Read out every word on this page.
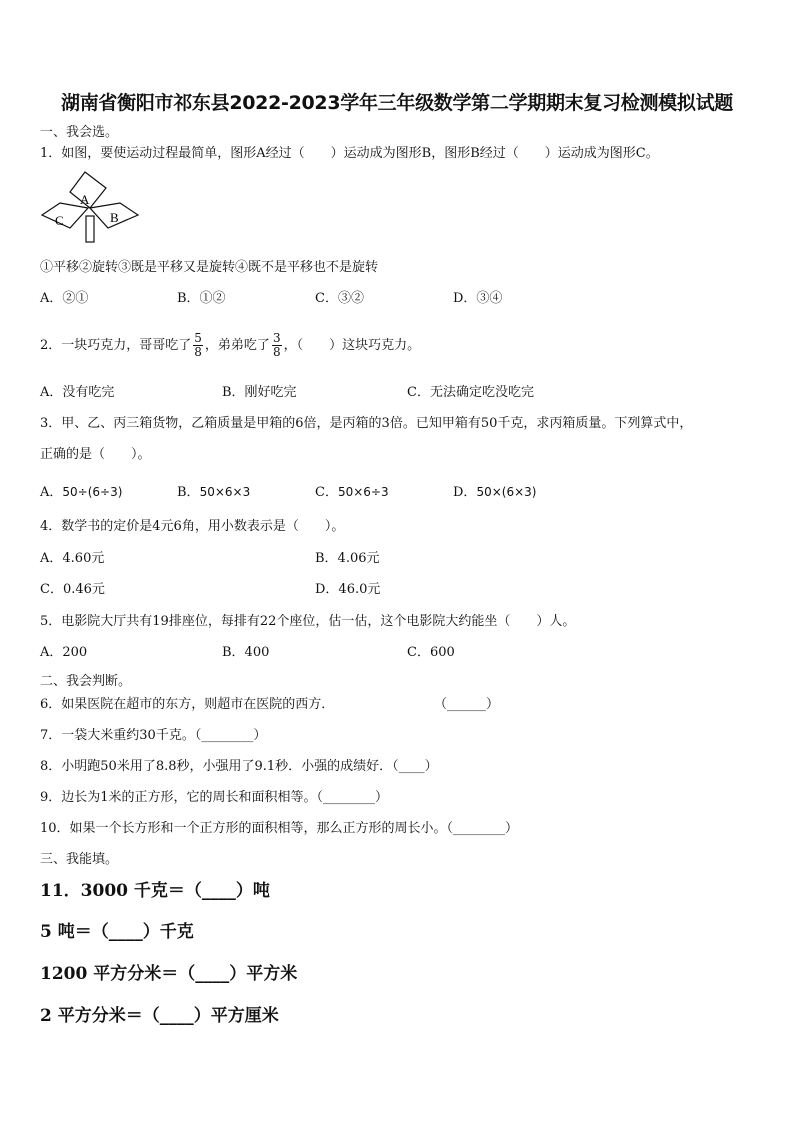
湖南省衡阳市祁东县2022-2023学年三年级数学第二学期期末复习检测模拟试题
一、我会选。
1．如图，要使运动过程最简单，图形A经过（　　）运动成为图形B，图形B经过（　　）运动成为图形C。
A
B
C
①平移②旋转③既是平移又是旋转④既不是平移也不是旋转
A．②①	B．①②	C．③②	D．③④
2．一块巧克力，哥哥吃了 $\frac{5}{8}$ ，弟弟吃了 $\frac{3}{8}$ ，（　　）这块巧克力。
A．没有吃完	B．刚好吃完	C．无法确定吃没吃完
3．甲、乙、丙三箱货物，乙箱质量是甲箱的6倍，是丙箱的3倍。已知甲箱有50千克，求丙箱质量。下列算式中，
正确的是（　　）。
A．50÷(6÷3)	B．50×6×3	C．50×6÷3	D．50×(6×3)
4．数学书的定价是4元6角，用小数表示是（　　）。
A．4.60元	B．4.06元
C．0.46元	D．46.0元
5．电影院大厅共有19排座位，每排有22个座位，估一估，这个电影院大约能坐（　　）人。
A．200	B．400	C．600
二、我会判断。
6．如果医院在超市的东方，则超市在医院的西方．	（______）
7．一袋大米重约30千克。（________）
8．小明跑50米用了8.8秒，小强用了9.1秒．小强的成绩好．（____）
9．边长为1米的正方形，它的周长和面积相等。（________）
10．如果一个长方形和一个正方形的面积相等，那么正方形的周长小。（________）
三、我能填。
11．3000 千克＝（____）吨
5 吨＝（____）千克
1200 平方分米＝（____）平方米
2 平方分米＝（____）平方厘米
